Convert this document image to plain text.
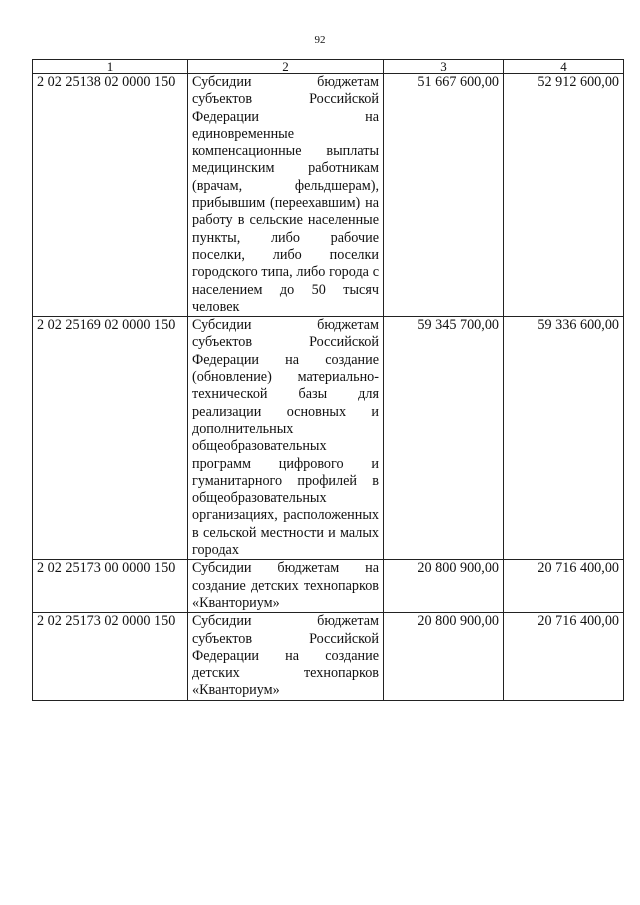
92
1	2	3	4
2 02 25138 02 0000 150	Субсидии бюджетам субъектов Российской Федерации на единовременные компенсационные выплаты медицинским работникам (врачам, фельдшерам), прибывшим (переехавшим) на работу в сельские населенные пункты, либо рабочие поселки, либо поселки городского типа, либо города с населением до 50 тысяч человек	51 667 600,00	52 912 600,00
2 02 25169 02 0000 150	Субсидии бюджетам субъектов Российской Федерации на создание (обновление) материально-технической базы для реализации основных и дополнительных общеобразовательных программ цифрового и гуманитарного профилей в общеобразовательных организациях, расположенных в сельской местности и малых городах	59 345 700,00	59 336 600,00
2 02 25173 00 0000 150	Субсидии бюджетам на создание детских технопарков «Кванториум»	20 800 900,00	20 716 400,00
2 02 25173 02 0000 150	Субсидии бюджетам субъектов Российской Федерации на создание детских технопарков «Кванториум»	20 800 900,00	20 716 400,00
